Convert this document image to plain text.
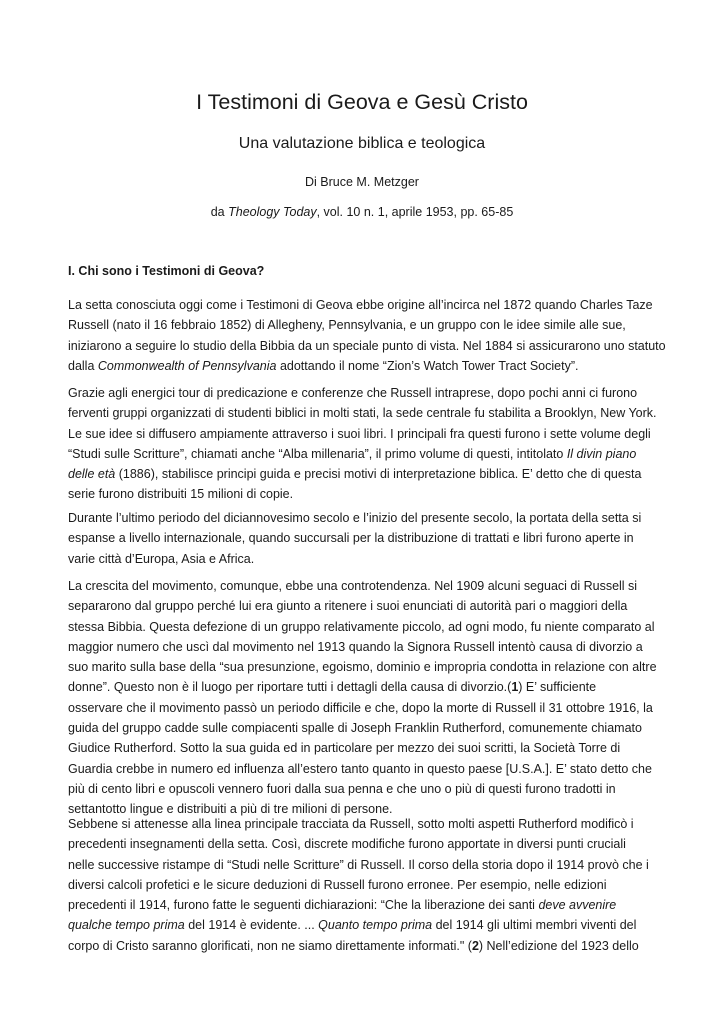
I Testimoni di Geova e Gesù Cristo
Una valutazione biblica e teologica

Di Bruce M. Metzger

da Theology Today, vol. 10 n. 1, aprile 1953, pp. 65-85

I. Chi sono i Testimoni di Geova?
La setta conosciuta oggi come i Testimoni di Geova ebbe origine all’incirca nel 1872 quando Charles Taze
Russell (nato il 16 febbraio 1852) di Allegheny, Pennsylvania, e un gruppo con le idee simile alle sue,
iniziarono a seguire lo studio della Bibbia da un speciale punto di vista. Nel 1884 si assicurarono uno statuto
dalla Commonwealth of Pennsylvania adottando il nome “Zion’s Watch Tower Tract Society”.
Grazie agli energici tour di predicazione e conferenze che Russell intraprese, dopo pochi anni ci furono
ferventi gruppi organizzati di studenti biblici in molti stati, la sede centrale fu stabilita a Brooklyn, New York.
Le sue idee si diffusero ampiamente attraverso i suoi libri. I principali fra questi furono i sette volume degli
“Studi sulle Scritture”, chiamati anche “Alba millenaria”, il primo volume di questi, intitolato Il divin piano
delle età (1886), stabilisce principi guida e precisi motivi di interpretazione biblica. E’ detto che di questa
serie furono distribuiti 15 milioni di copie.
Durante l’ultimo periodo del diciannovesimo secolo e l’inizio del presente secolo, la portata della setta si
espanse a livello internazionale, quando succursali per la distribuzione di trattati e libri furono aperte in
varie città d’Europa, Asia e Africa.
La crescita del movimento, comunque, ebbe una controtendenza. Nel 1909 alcuni seguaci di Russell si
separarono dal gruppo perché lui era giunto a ritenere i suoi enunciati di autorità pari o maggiori della
stessa Bibbia. Questa defezione di un gruppo relativamente piccolo, ad ogni modo, fu niente comparato al
maggior numero che uscì dal movimento nel 1913 quando la Signora Russell intentò causa di divorzio a
suo marito sulla base della “sua presunzione, egoismo, dominio e impropria condotta in relazione con altre
donne”. Questo non è il luogo per riportare tutti i dettagli della causa di divorzio.(1) E’ sufficiente
osservare che il movimento passò un periodo difficile e che, dopo la morte di Russell il 31 ottobre 1916, la
guida del gruppo cadde sulle compiacenti spalle di Joseph Franklin Rutherford, comunemente chiamato
Giudice Rutherford. Sotto la sua guida ed in particolare per mezzo dei suoi scritti, la Società Torre di
Guardia crebbe in numero ed influenza all’estero tanto quanto in questo paese [U.S.A.]. E’ stato detto che
più di cento libri e opuscoli vennero fuori dalla sua penna e che uno o più di questi furono tradotti in
settantotto lingue e distribuiti a più di tre milioni di persone.
Sebbene si attenesse alla linea principale tracciata da Russell, sotto molti aspetti Rutherford modificò i
precedenti insegnamenti della setta. Così, discrete modifiche furono apportate in diversi punti cruciali
nelle successive ristampe di “Studi nelle Scritture” di Russell. Il corso della storia dopo il 1914 provò che i
diversi calcoli profetici e le sicure deduzioni di Russell furono erronee. Per esempio, nelle edizioni
precedenti il 1914, furono fatte le seguenti dichiarazioni: “Che la liberazione dei santi deve avvenire
qualche tempo prima del 1914 è evidente. ... Quanto tempo prima del 1914 gli ultimi membri viventi del
corpo di Cristo saranno glorificati, non ne siamo direttamente informati." (2) Nell’edizione del 1923 dello
